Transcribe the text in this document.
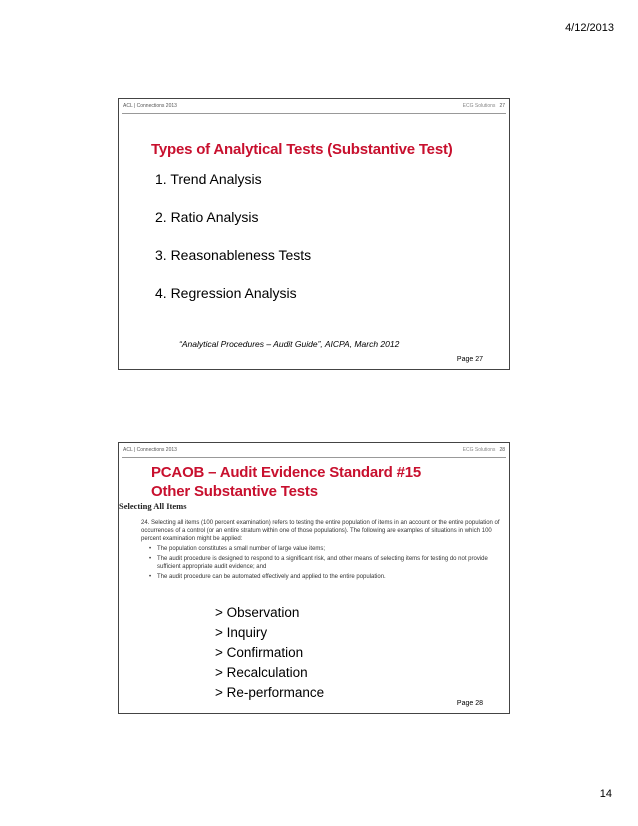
4/12/2013
ACL | Connections 2013	ECG Solutions 27
Types of Analytical Tests (Substantive Test)
1. Trend Analysis
2. Ratio Analysis
3. Reasonableness Tests
4. Regression Analysis
“Analytical Procedures – Audit Guide”, AICPA, March 2012
Page 27
ACL | Connections 2013	ECG Solutions 28
PCAOB – Audit Evidence Standard #15
Other Substantive Tests
Selecting All Items
24. Selecting all items (100 percent examination) refers to testing the entire population of items in an account or the entire population of occurrences of a control (or an entire stratum within one of those populations). The following are examples of situations in which 100 percent examination might be applied:
• The population constitutes a small number of large value items;
• The audit procedure is designed to respond to a significant risk, and other means of selecting items for testing do not provide sufficient appropriate audit evidence; and
• The audit procedure can be automated effectively and applied to the entire population.
> Observation
> Inquiry
> Confirmation
> Recalculation
> Re-performance
Page 28
14
